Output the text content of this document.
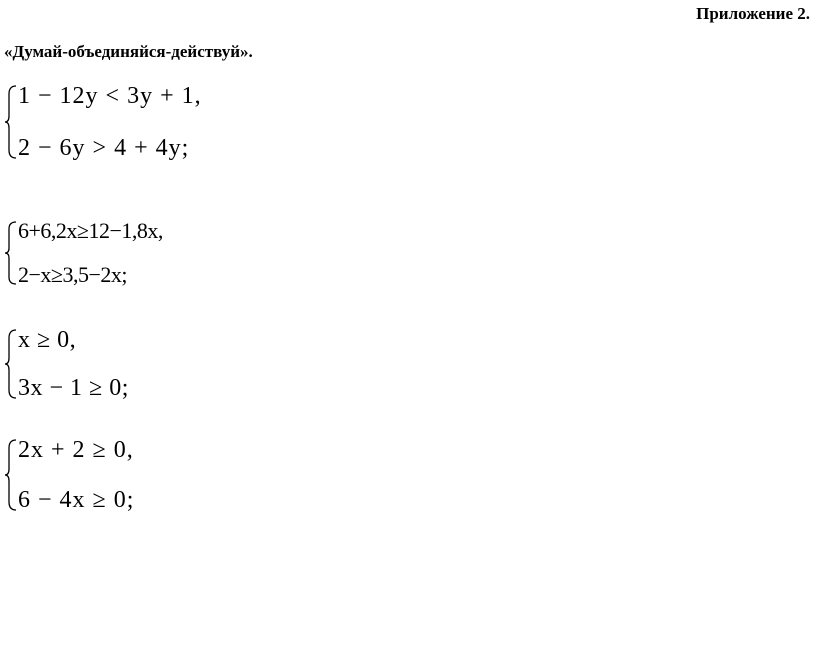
Приложение 2.
«Думай-объединяйся-действуй».
1 − 12y < 3y + 1,
2 − 6y > 4 + 4y;
6+6,2x≥12−1,8x,
2−x≥3,5−2x;
x ≥ 0,
3x − 1 ≥ 0;
2x + 2 ≥ 0,
6 − 4x ≥ 0;
